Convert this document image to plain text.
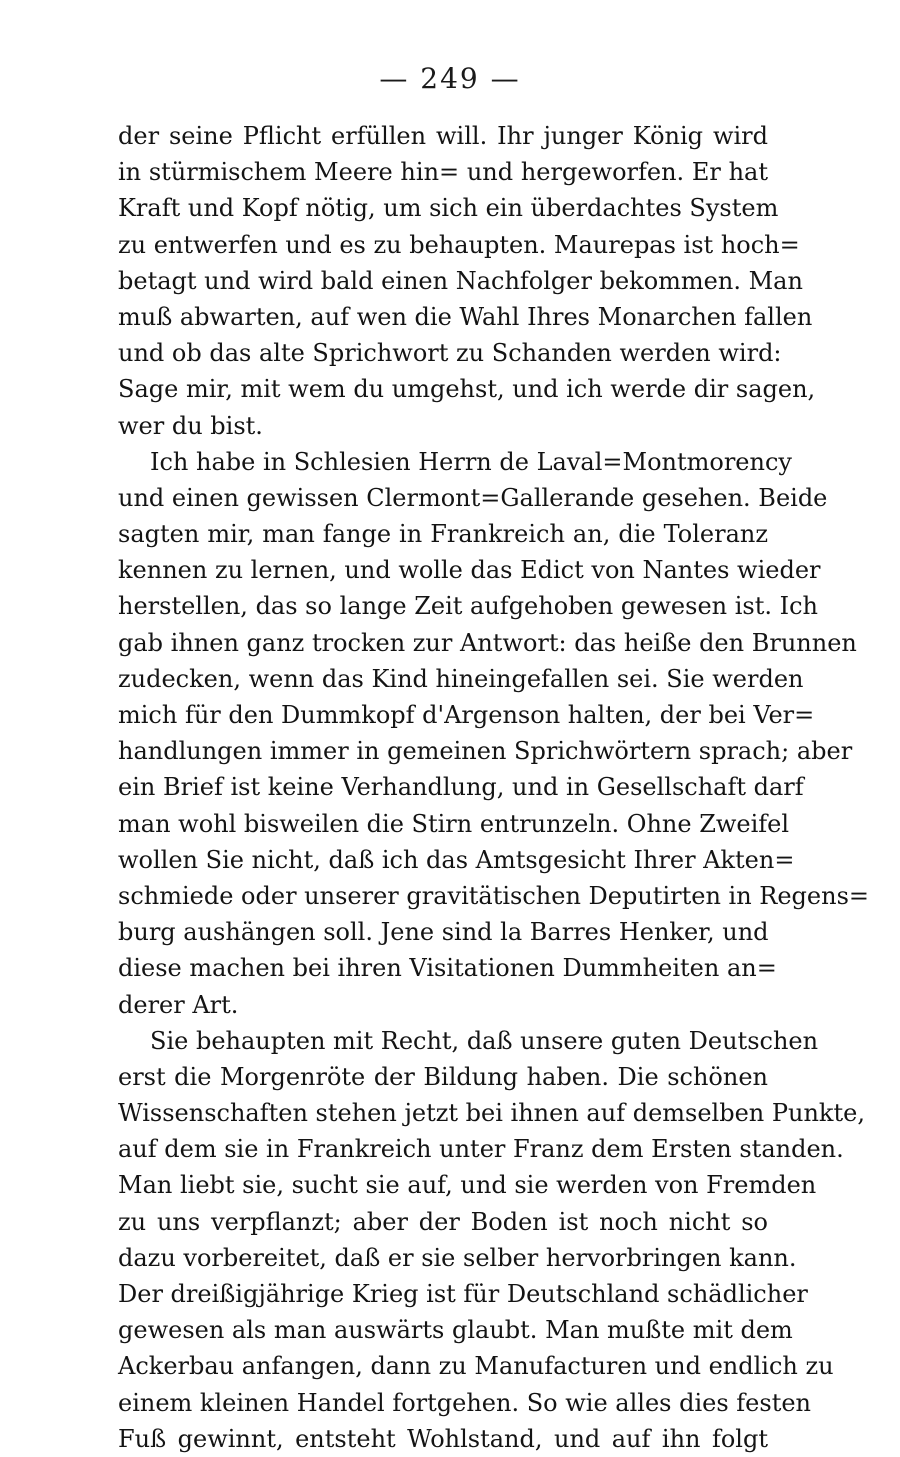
— 249 —
der seine Pflicht erfüllen will. Ihr junger König wird
in stürmischem Meere hin= und hergeworfen. Er hat
Kraft und Kopf nötig, um sich ein überdachtes System
zu entwerfen und es zu behaupten. Maurepas ist hoch=
betagt und wird bald einen Nachfolger bekommen. Man
muß abwarten, auf wen die Wahl Ihres Monarchen fallen
und ob das alte Sprichwort zu Schanden werden wird:
Sage mir, mit wem du umgehst, und ich werde dir sagen,
wer du bist.
Ich habe in Schlesien Herrn de Laval=Montmorency
und einen gewissen Clermont=Gallerande gesehen. Beide
sagten mir, man fange in Frankreich an, die Toleranz
kennen zu lernen, und wolle das Edict von Nantes wieder
herstellen, das so lange Zeit aufgehoben gewesen ist. Ich
gab ihnen ganz trocken zur Antwort: das heiße den Brunnen
zudecken, wenn das Kind hineingefallen sei. Sie werden
mich für den Dummkopf d'Argenson halten, der bei Ver=
handlungen immer in gemeinen Sprichwörtern sprach; aber
ein Brief ist keine Verhandlung, und in Gesellschaft darf
man wohl bisweilen die Stirn entrunzeln. Ohne Zweifel
wollen Sie nicht, daß ich das Amtsgesicht Ihrer Akten=
schmiede oder unserer gravitätischen Deputirten in Regens=
burg aushängen soll. Jene sind la Barres Henker, und
diese machen bei ihren Visitationen Dummheiten an=
derer Art.
Sie behaupten mit Recht, daß unsere guten Deutschen
erst die Morgenröte der Bildung haben. Die schönen
Wissenschaften stehen jetzt bei ihnen auf demselben Punkte,
auf dem sie in Frankreich unter Franz dem Ersten standen.
Man liebt sie, sucht sie auf, und sie werden von Fremden
zu uns verpflanzt; aber der Boden ist noch nicht so
dazu vorbereitet, daß er sie selber hervorbringen kann.
Der dreißigjährige Krieg ist für Deutschland schädlicher
gewesen als man auswärts glaubt. Man mußte mit dem
Ackerbau anfangen, dann zu Manufacturen und endlich zu
einem kleinen Handel fortgehen. So wie alles dies festen
Fuß gewinnt, entsteht Wohlstand, und auf ihn folgt
